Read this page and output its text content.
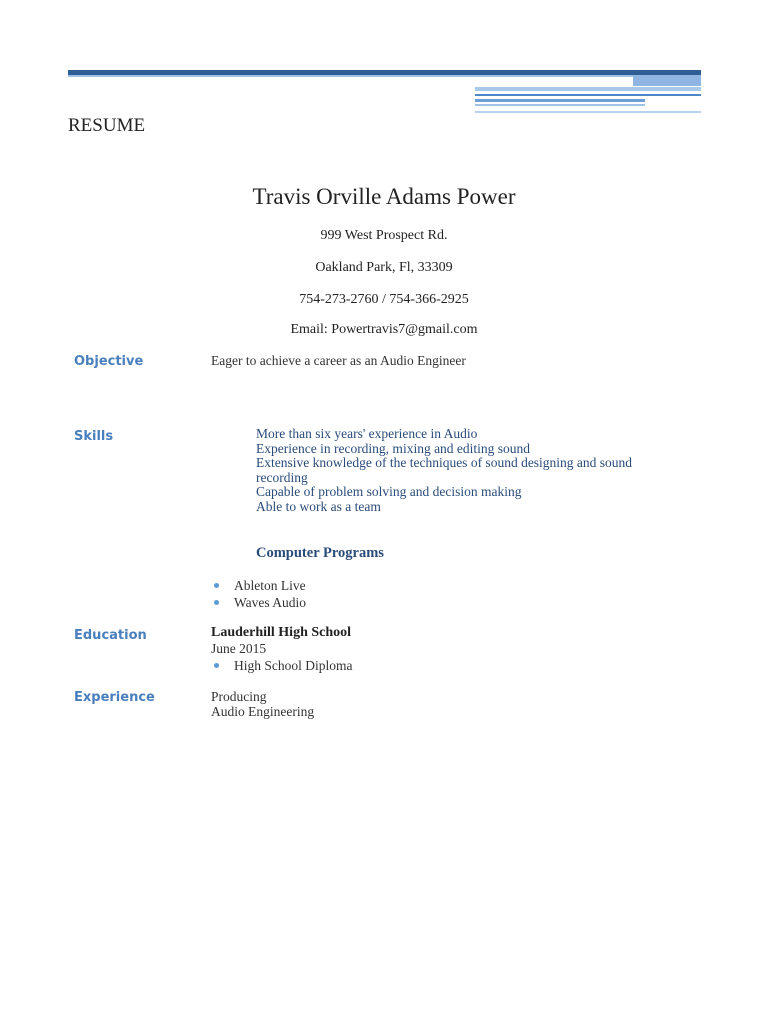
RESUME
Travis Orville Adams Power
999 West Prospect Rd.
Oakland Park, Fl, 33309
754-273-2760 / 754-366-2925
Email: Powertravis7@gmail.com
Objective	Eager to achieve a career as an Audio Engineer
Skills	More than six years' experience in Audio
Experience in recording, mixing and editing sound
Extensive knowledge of the techniques of sound designing and sound
recording
Capable of problem solving and decision making
Able to work as a team
Computer Programs
Ableton Live
Waves Audio
Education	Lauderhill High School
June 2015
High School Diploma
Experience	Producing
Audio Engineering
